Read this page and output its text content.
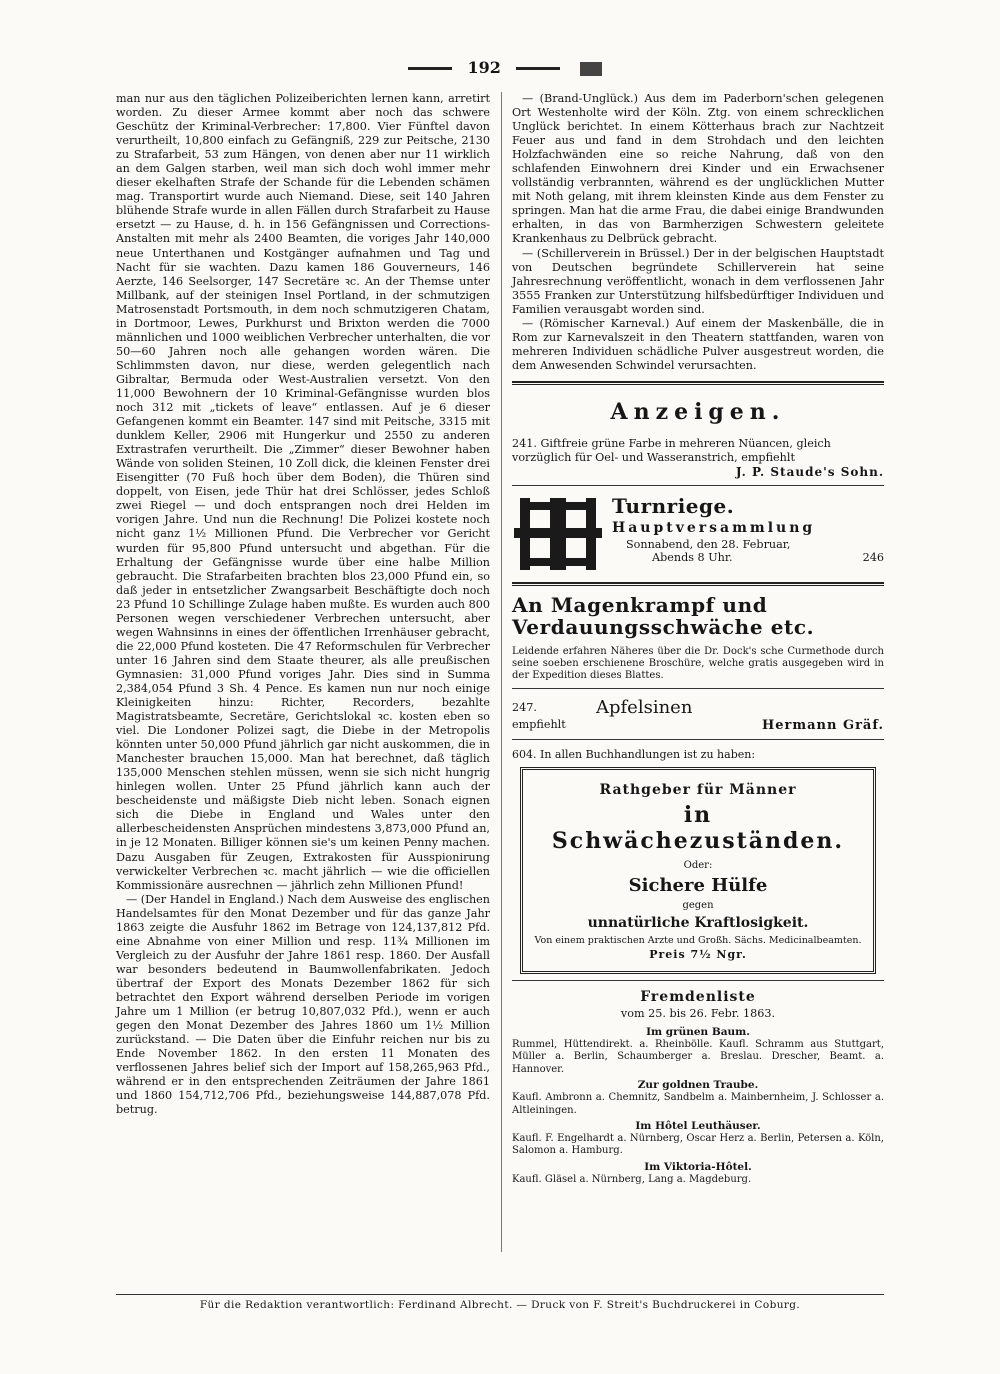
192

man nur aus den täglichen Polizeiberichten lernen kann, arretirt worden. Zu dieser Armee kommt aber noch das schwere Geschütz der Kriminal-Verbrecher: 17,800. Vier Fünftel davon verurtheilt, 10,800 einfach zu Gefängniß, 229 zur Peitsche, 2130 zu Strafarbeit, 53 zum Hängen, von denen aber nur 11 wirklich an dem Galgen starben, weil man sich doch wohl immer mehr dieser ekelhaften Strafe der Schande für die Lebenden schämen mag. Transportirt wurde auch Niemand. Diese, seit 140 Jahren blühende Strafe wurde in allen Fällen durch Strafarbeit zu Hause ersetzt — zu Hause, d. h. in 156 Gefängnissen und Corrections-Anstalten mit mehr als 2400 Beamten, die voriges Jahr 140,000 neue Unterthanen und Kostgänger aufnahmen und Tag und Nacht für sie wachten. Dazu kamen 186 Gouverneurs, 146 Aerzte, 146 Seelsorger, 147 Secretäre ꝛc. An der Themse unter Millbank, auf der steinigen Insel Portland, in der schmutzigen Matrosenstadt Portsmouth, in dem noch schmutzigeren Chatam, in Dortmoor, Lewes, Purkhurst und Brixton werden die 7000 männlichen und 1000 weiblichen Verbrecher unterhalten, die vor 50—60 Jahren noch alle gehangen worden wären. Die Schlimmsten davon, nur diese, werden gelegentlich nach Gibraltar, Bermuda oder West-Australien versetzt. Von den 11,000 Bewohnern der 10 Kriminal-Gefängnisse wurden blos noch 312 mit „tickets of leave“ entlassen. Auf je 6 dieser Gefangenen kommt ein Beamter. 147 sind mit Peitsche, 3315 mit dunklem Keller, 2906 mit Hungerkur und 2550 zu anderen Extrastrafen verurtheilt. Die „Zimmer“ dieser Bewohner haben Wände von soliden Steinen, 10 Zoll dick, die kleinen Fenster drei Eisengitter (70 Fuß hoch über dem Boden), die Thüren sind doppelt, von Eisen, jede Thür hat drei Schlösser, jedes Schloß zwei Riegel — und doch entsprangen noch drei Helden im vorigen Jahre. Und nun die Rechnung! Die Polizei kostete noch nicht ganz 1½ Millionen Pfund. Die Verbrecher vor Gericht wurden für 95,800 Pfund untersucht und abgethan. Für die Erhaltung der Gefängnisse wurde über eine halbe Million gebraucht. Die Strafarbeiten brachten blos 23,000 Pfund ein, so daß jeder in entsetzlicher Zwangsarbeit Beschäftigte doch noch 23 Pfund 10 Schillinge Zulage haben mußte. Es wurden auch 800 Personen wegen verschiedener Verbrechen untersucht, aber wegen Wahnsinns in eines der öffentlichen Irrenhäuser gebracht, die 22,000 Pfund kosteten. Die 47 Reformschulen für Verbrecher unter 16 Jahren sind dem Staate theurer, als alle preußischen Gymnasien: 31,000 Pfund voriges Jahr. Dies sind in Summa 2,384,054 Pfund 3 Sh. 4 Pence. Es kamen nun nur noch einige Kleinigkeiten hinzu: Richter, Recorders, bezahlte Magistratsbeamte, Secretäre, Gerichtslokal ꝛc. kosten eben so viel. Die Londoner Polizei sagt, die Diebe in der Metropolis könnten unter 50,000 Pfund jährlich gar nicht auskommen, die in Manchester brauchen 15,000. Man hat berechnet, daß täglich 135,000 Menschen stehlen müssen, wenn sie sich nicht hungrig hinlegen wollen. Unter 25 Pfund jährlich kann auch der bescheidenste und mäßigste Dieb nicht leben. Sonach eignen sich die Diebe in England und Wales unter den allerbescheidensten Ansprüchen mindestens 3,873,000 Pfund an, in je 12 Monaten. Billiger können sie's um keinen Penny machen. Dazu Ausgaben für Zeugen, Extrakosten für Ausspionirung verwickelter Verbrechen ꝛc. macht jährlich — wie die officiellen Kommissionäre ausrechnen — jährlich zehn Millionen Pfund!

— (Der Handel in England.) Nach dem Ausweise des englischen Handelsamtes für den Monat Dezember und für das ganze Jahr 1863 zeigte die Ausfuhr 1862 im Betrage von 124,137,812 Pfd. eine Abnahme von einer Million und resp. 11¾ Millionen im Vergleich zu der Ausfuhr der Jahre 1861 resp. 1860. Der Ausfall war besonders bedeutend in Baumwollenfabrikaten. Jedoch übertraf der Export des Monats Dezember 1862 für sich betrachtet den Export während derselben Periode im vorigen Jahre um 1 Million (er betrug 10,807,032 Pfd.), wenn er auch gegen den Monat Dezember des Jahres 1860 um 1½ Million zurückstand. — Die Daten über die Einfuhr reichen nur bis zu Ende November 1862. In den ersten 11 Monaten des verflossenen Jahres belief sich der Import auf 158,265,963 Pfd., während er in den entsprechenden Zeiträumen der Jahre 1861 und 1860 154,712,706 Pfd., beziehungsweise 144,887,078 Pfd. betrug.

— (Brand-Unglück.) Aus dem im Paderborn'schen gelegenen Ort Westenholte wird der Köln. Ztg. von einem schrecklichen Unglück berichtet. In einem Kötterhaus brach zur Nachtzeit Feuer aus und fand in dem Strohdach und den leichten Holzfachwänden eine so reiche Nahrung, daß von den schlafenden Einwohnern drei Kinder und ein Erwachsener vollständig verbrannten, während es der unglücklichen Mutter mit Noth gelang, mit ihrem kleinsten Kinde aus dem Fenster zu springen. Man hat die arme Frau, die dabei einige Brandwunden erhalten, in das von Barmherzigen Schwestern geleitete Krankenhaus zu Delbrück gebracht.

— (Schillerverein in Brüssel.) Der in der belgischen Hauptstadt von Deutschen begründete Schillerverein hat seine Jahresrechnung veröffentlicht, wonach in dem verflossenen Jahr 3555 Franken zur Unterstützung hilfsbedürftiger Individuen und Familien verausgabt worden sind.

— (Römischer Karneval.) Auf einem der Maskenbälle, die in Rom zur Karnevalszeit in den Theatern stattfanden, waren von mehreren Individuen schädliche Pulver ausgestreut worden, die dem Anwesenden Schwindel verursachten.

Anzeigen.

241. Giftfreie grüne Farbe in mehreren Nüancen, gleich vorzüglich für Oel- und Wasseranstrich, empfiehlt
J. P. Staude's Sohn.

Turnriege.
Hauptversammlung
Sonnabend, den 28. Februar,
Abends 8 Uhr.	246
An Magenkrampf und Verdauungsschwäche etc.

Leidende erfahren Näheres über die Dr. Dock's sche Curmethode durch seine soeben erschienene Broschüre, welche gratis ausgegeben wird in der Expedition dieses Blattes.

247.	Apfelsinen
empfiehlt	Hermann Gräf.
604. In allen Buchhandlungen ist zu haben:
Rathgeber für Männer
in Schwächezuständen.
Oder:
Sichere Hülfe
gegen
unnatürliche Kraftlosigkeit.
Von einem praktischen Arzte und Großh. Sächs. Medicinalbeamten.
Preis 7½ Ngr.
Fremdenliste
vom 25. bis 26. Febr. 1863.
Im grünen Baum.

Rummel, Hüttendirekt. a. Rheinbölle. Kaufl. Schramm aus Stuttgart, Müller a. Berlin, Schaumberger a. Breslau. Drescher, Beamt. a. Hannover.

Zur goldnen Traube.

Kaufl. Ambronn a. Chemnitz, Sandbelm a. Mainbernheim, J. Schlosser a. Altleiningen.

Im Hôtel Leuthäuser.

Kaufl. F. Engelhardt a. Nürnberg, Oscar Herz a. Berlin, Petersen a. Köln, Salomon a. Hamburg.

Im Viktoria-Hôtel.

Kaufl. Gläsel a. Nürnberg, Lang a. Magdeburg.

Für die Redaktion verantwortlich: Ferdinand Albrecht. — Druck von F. Streit's Buchdruckerei in Coburg.
